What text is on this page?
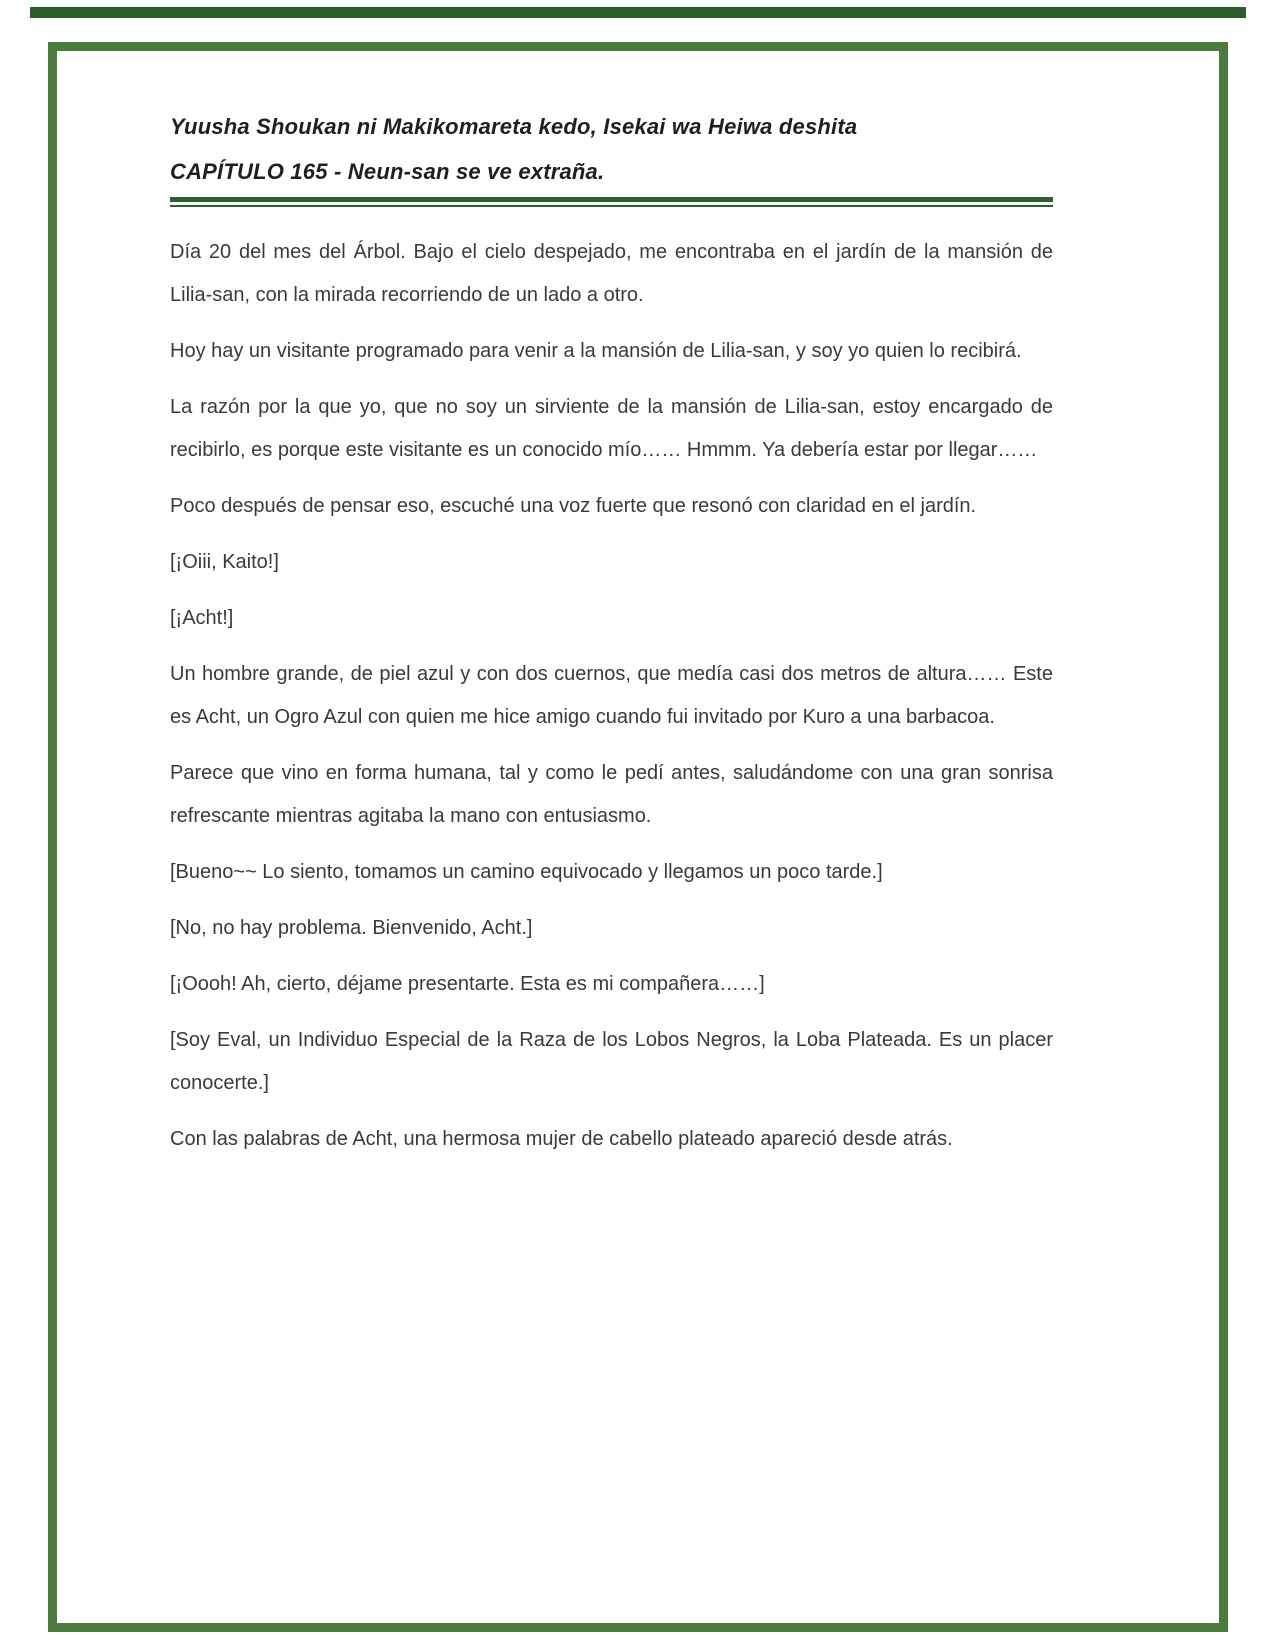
Yuusha Shoukan ni Makikomareta kedo, Isekai wa Heiwa deshita
CAPÍTULO 165 - Neun-san se ve extraña.

Día 20 del mes del Árbol. Bajo el cielo despejado, me encontraba en el jardín de la mansión de Lilia-san, con la mirada recorriendo de un lado a otro.

Hoy hay un visitante programado para venir a la mansión de Lilia-san, y soy yo quien lo recibirá.

La razón por la que yo, que no soy un sirviente de la mansión de Lilia-san, estoy encargado de recibirlo, es porque este visitante es un conocido mío…… Hmmm. Ya debería estar por llegar……

Poco después de pensar eso, escuché una voz fuerte que resonó con claridad en el jardín.

[¡Oiii, Kaito!]

[¡Acht!]

Un hombre grande, de piel azul y con dos cuernos, que medía casi dos metros de altura…… Este es Acht, un Ogro Azul con quien me hice amigo cuando fui invitado por Kuro a una barbacoa.

Parece que vino en forma humana, tal y como le pedí antes, saludándome con una gran sonrisa refrescante mientras agitaba la mano con entusiasmo.

[Bueno~~ Lo siento, tomamos un camino equivocado y llegamos un poco tarde.]

[No, no hay problema. Bienvenido, Acht.]

[¡Oooh! Ah, cierto, déjame presentarte. Esta es mi compañera……]

[Soy Eval, un Individuo Especial de la Raza de los Lobos Negros, la Loba Plateada. Es un placer conocerte.]

Con las palabras de Acht, una hermosa mujer de cabello plateado apareció desde atrás.
